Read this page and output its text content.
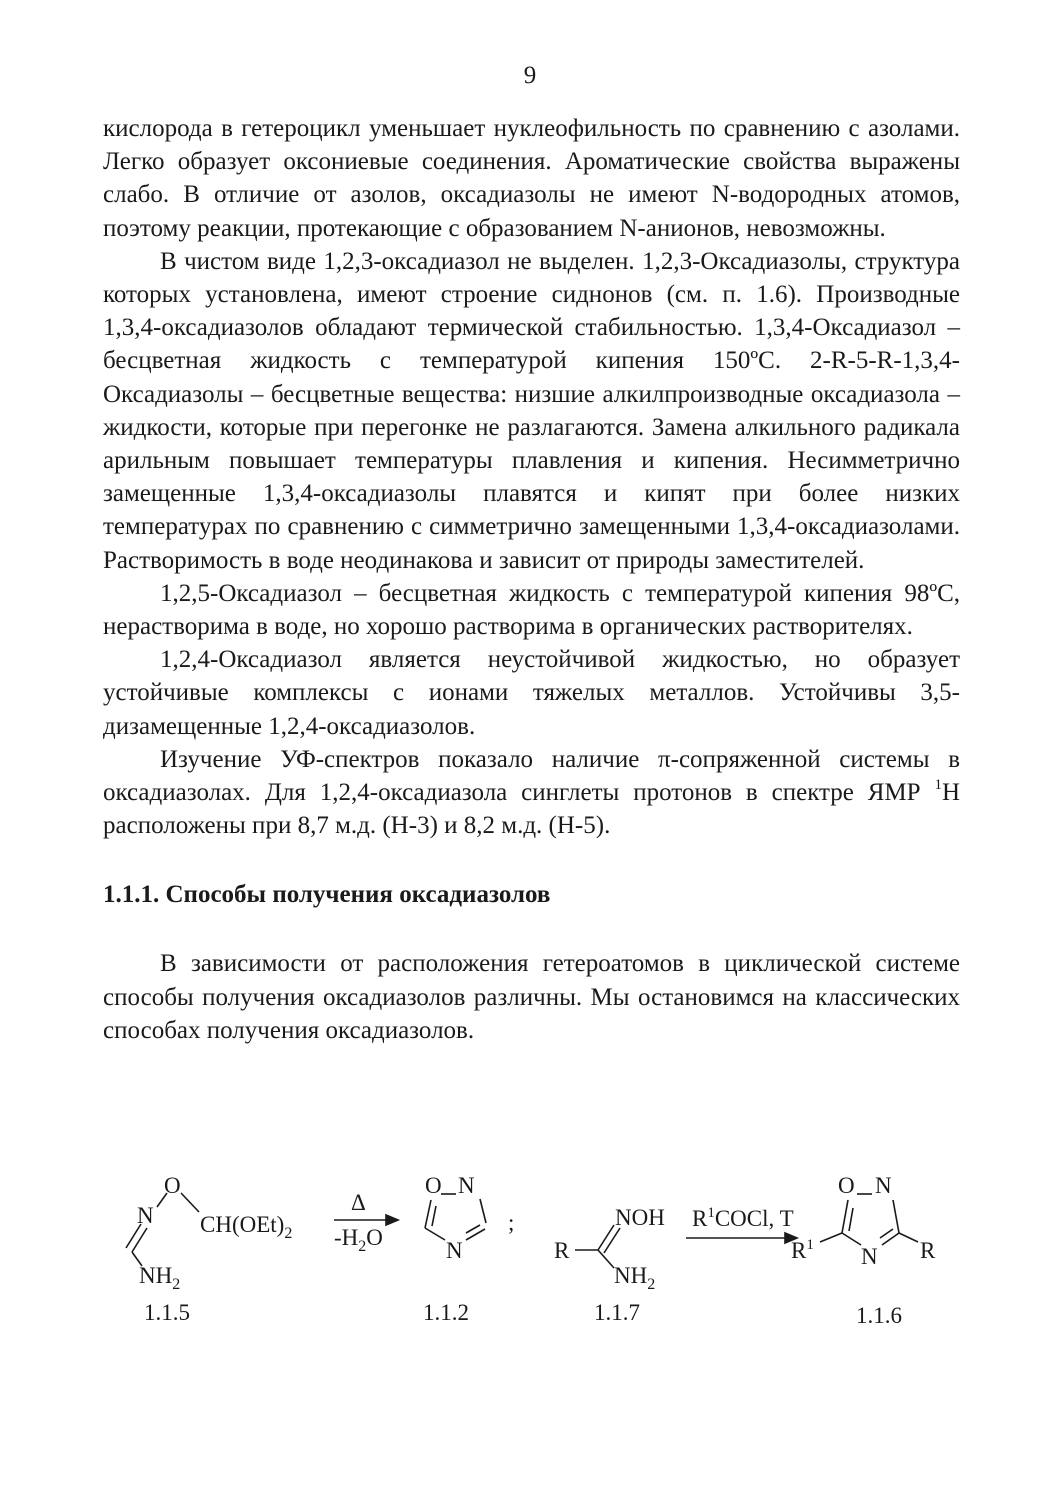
9

кислорода в гетероцикл уменьшает нуклеофильность по сравнению с азолами. Легко образует оксониевые соединения. Ароматические свойства выражены слабо. В отличие от азолов, оксадиазолы не имеют N-водородных атомов, поэтому реакции, протекающие с образованием N-анионов, невозможны.

В чистом виде 1,2,3-оксадиазол не выделен. 1,2,3-Оксадиазолы, структура которых установлена, имеют строение сиднонов (см. п. 1.6). Производные 1,3,4-оксадиазолов обладают термической стабильностью. 1,3,4-Оксадиазол – бесцветная жидкость с температурой кипения 150ºС. 2-R-5-R-1,3,4-Оксадиазолы – бесцветные вещества: низшие алкилпроизводные оксадиазола – жидкости, которые при перегонке не разлагаются. Замена алкильного радикала арильным повышает температуры плавления и кипения. Несимметрично замещенные 1,3,4-оксадиазолы плавятся и кипят при более низких температурах по сравнению с симметрично замещенными 1,3,4-оксадиазолами. Растворимость в воде неодинакова и зависит от природы заместителей.

1,2,5-Оксадиазол – бесцветная жидкость с температурой кипения 98ºС, нерастворима в воде, но хорошо растворима в органических растворителях.

1,2,4-Оксадиазол является неустойчивой жидкостью, но образует устойчивые комплексы с ионами тяжелых металлов. Устойчивы 3,5-дизамещенные 1,2,4-оксадиазолов.

Изучение УФ-спектров показало наличие π-сопряженной системы в оксадиазолах. Для 1,2,4-оксадиазола синглеты протонов в спектре ЯМР $^1$Н расположены при 8,7 м.д. (Н-3) и 8,2 м.д. (Н-5).

1.1.1. Способы получения оксадиазолов

В зависимости от расположения гетероатомов в циклической системе способы получения оксадиазолов различны. Мы остановимся на классических способах получения оксадиазолов.

O
N $CH(OEt)_2$
$NH_2$
1.1.5
Δ
$-H_2O$
O N
N
1.1.2
;
R
NOH
$NH_2$
1.1.7
$R^1COCl$, T
O N
N
$R^1$	R
1.1.6
